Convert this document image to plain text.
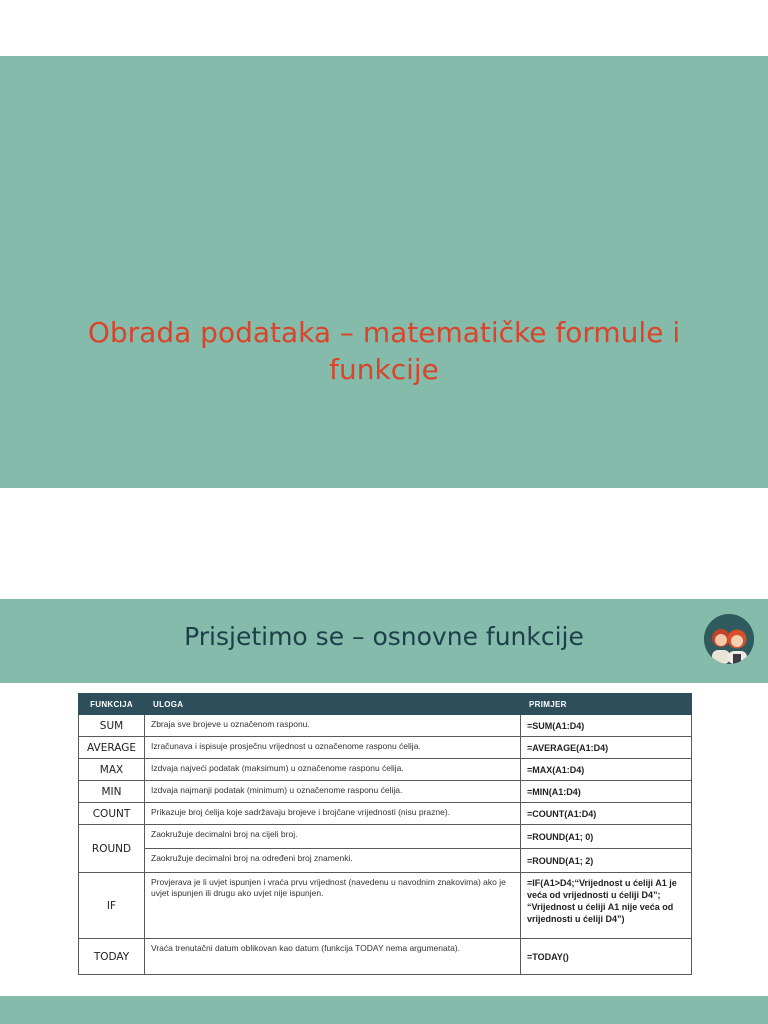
Obrada podataka – matematičke formule i funkcije
Prisjetimo se – osnovne funkcije
FUNKCIJA	ULOGA	PRIMJER
SUM	Zbraja sve brojeve u označenom rasponu.	=SUM(A1:D4)
AVERAGE	Izračunava i ispisuje prosječnu vrijednost u označenome rasponu ćelija.	=AVERAGE(A1:D4)
MAX	Izdvaja najveći podatak (maksimum) u označenome rasponu ćelija.	=MAX(A1:D4)
MIN	Izdvaja najmanji podatak (minimum) u označenome rasponu ćelija.	=MIN(A1:D4)
COUNT	Prikazuje broj ćelija koje sadržavaju brojeve i brojčane vrijednosti (nisu prazne).	=COUNT(A1:D4)
ROUND	Zaokružuje decimalni broj na cijeli broj.	=ROUND(A1; 0)
	Zaokružuje decimalni broj na određeni broj znamenki.	=ROUND(A1; 2)
IF	Provjerava je li uvjet ispunjen i vraća prvu vrijednost (navedenu u navodnim znakovima) ako je uvjet ispunjen ili drugu ako uvjet nije ispunjen.	=IF(A1>D4;“Vrijednost u ćeliji A1 je veća od vrijednosti u ćeliji D4”; “Vrijednost u ćeliji A1 nije veća od vrijednosti u ćeliji D4”)
TODAY	Vraća trenutačni datum oblikovan kao datum (funkcija TODAY nema argumenata).	=TODAY()
